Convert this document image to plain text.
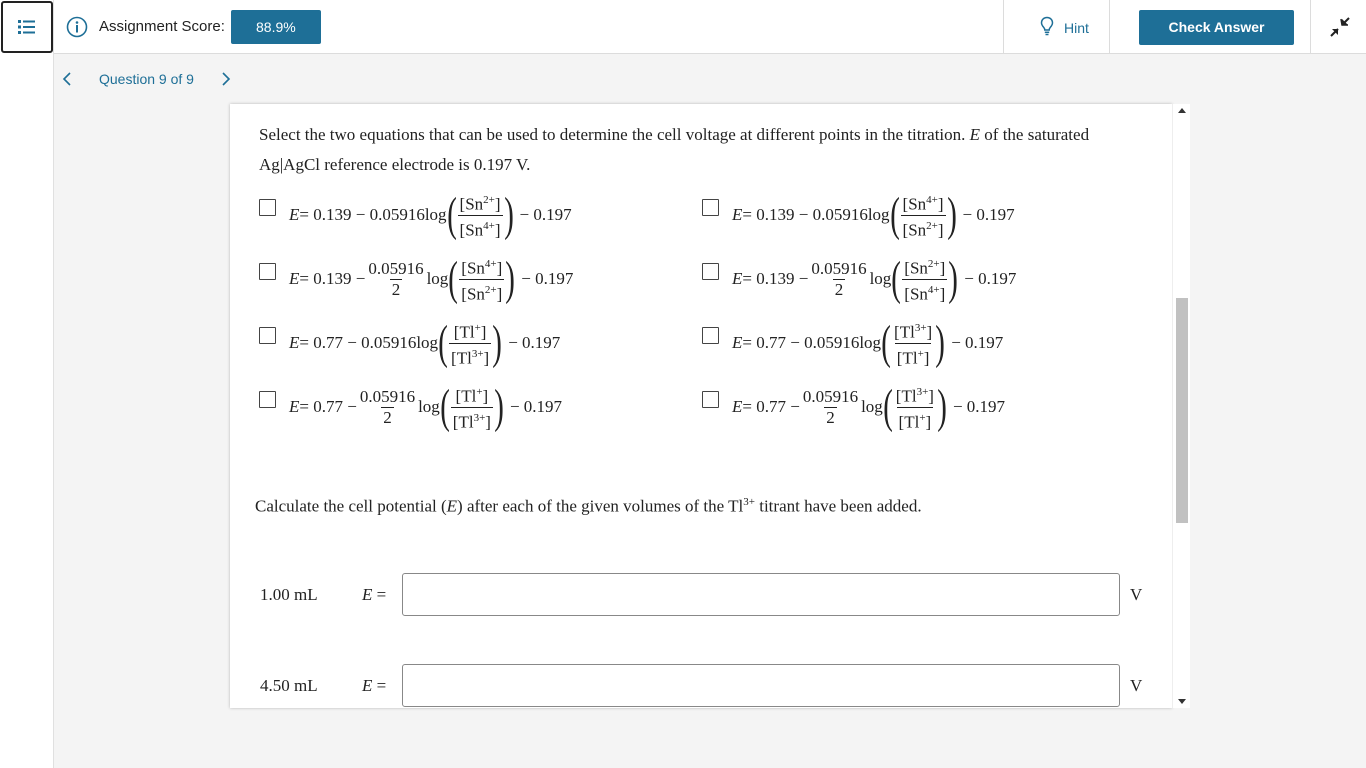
Assignment Score:	88.9%	Hint	Check Answer
Question 9 of 9
Select the two equations that can be used to determine the cell voltage at different points in the titration. E of the saturated
Ag|AgCl reference electrode is 0.197 V.
E = 0.139 − 0.05916log ( $\frac{[Sn^{2+}]}{[Sn^{4+}]}$ ) − 0.197	E = 0.139 − 0.05916log ( $\frac{[Sn^{4+}]}{[Sn^{2+}]}$ ) − 0.197
$E = 0.139 - \frac{0.05916}{2}$ log ( $\frac{[Sn^{4+}]}{[Sn^{2+}]}$ ) − 0.197	$E = 0.139 - \frac{0.05916}{2}$ log ( $\frac{[Sn^{2+}]}{[Sn^{4+}]}$ ) − 0.197
E = 0.77 − 0.05916log ( $\frac{[Tl^+]}{[Tl^{3+}]}$ ) − 0.197	E = 0.77 − 0.05916log ( $\frac{[Tl^{3+}]}{[Tl^+]}$ ) − 0.197
$E = 0.77 - \frac{0.05916}{2}$ log ( $\frac{[Tl^+]}{[Tl^{3+}]}$ ) − 0.197	$E = 0.77 - \frac{0.05916}{2}$ log ( $\frac{[Tl^{3+}]}{[Tl^+]}$ ) − 0.197
Calculate the cell potential (E) after each of the given volumes of the $Tl^{3+}$ titrant have been added.
1.00 mL	E =	V
4.50 mL	E =	V
